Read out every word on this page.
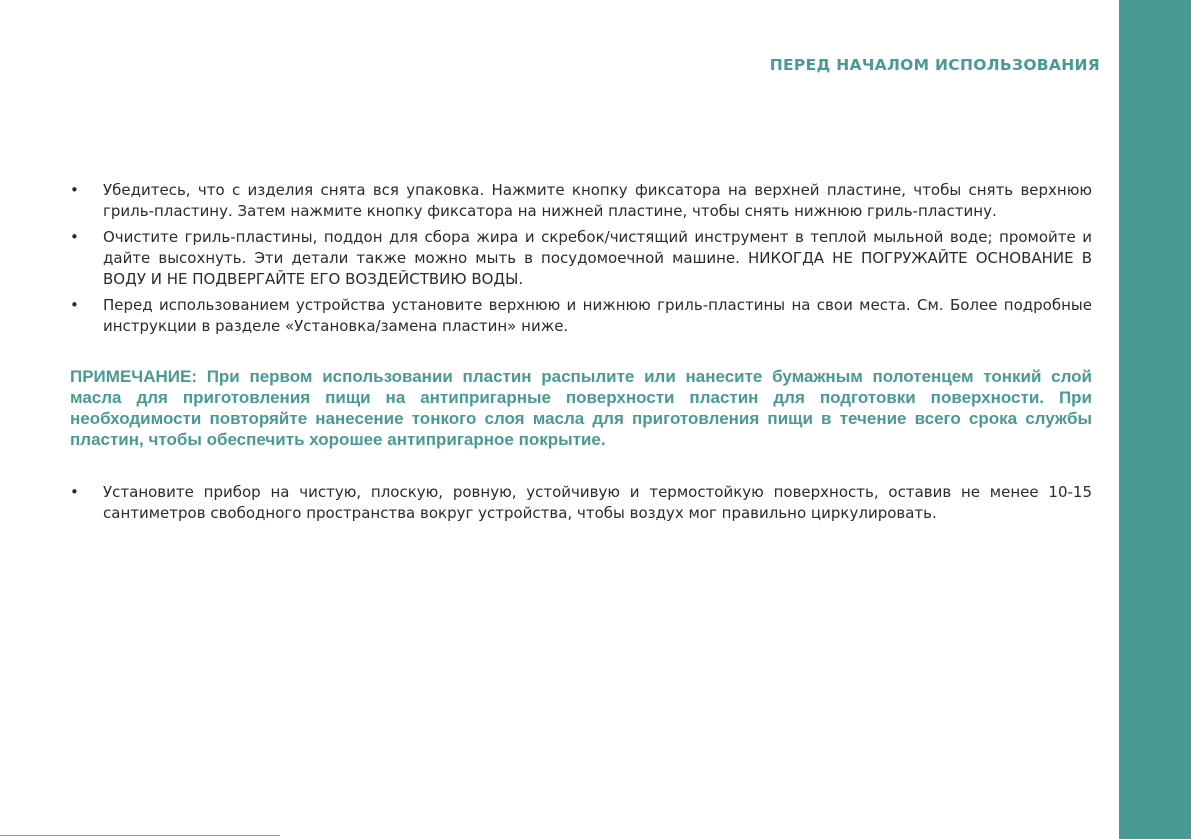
ПЕРЕД НАЧАЛОМ ИСПОЛЬЗОВАНИЯ
• Убедитесь, что с изделия снята вся упаковка. Нажмите кнопку фиксатора на верхней пластине, чтобы снять верхнюю гриль-пластину. Затем нажмите кнопку фиксатора на нижней пластине, чтобы снять нижнюю гриль-пластину.
• Очистите гриль-пластины, поддон для сбора жира и скребок/чистящий инструмент в теплой мыльной воде; промойте и дайте высохнуть. Эти детали также можно мыть в посудомоечной машине. НИКОГДА НЕ ПОГРУЖАЙТЕ ОСНОВАНИЕ В ВОДУ И НЕ ПОДВЕРГАЙТЕ ЕГО ВОЗДЕЙСТВИЮ ВОДЫ.
• Перед использованием устройства установите верхнюю и нижнюю гриль-пластины на свои места. См. Более подробные инструкции в разделе «Установка/замена пластин» ниже.
ПРИМЕЧАНИЕ: При первом использовании пластин распылите или нанесите бумажным полотенцем тонкий слой масла для приготовления пищи на антипригарные поверхности пластин для подготовки поверхности. При необходимости повторяйте нанесение тонкого слоя масла для приготовления пищи в течение всего срока службы пластин, чтобы обеспечить хорошее антипригарное покрытие.
• Установите прибор на чистую, плоскую, ровную, устойчивую и термостойкую поверхность, оставив не менее 10-15 сантиметров свободного пространства вокруг устройства, чтобы воздух мог правильно циркулировать.
